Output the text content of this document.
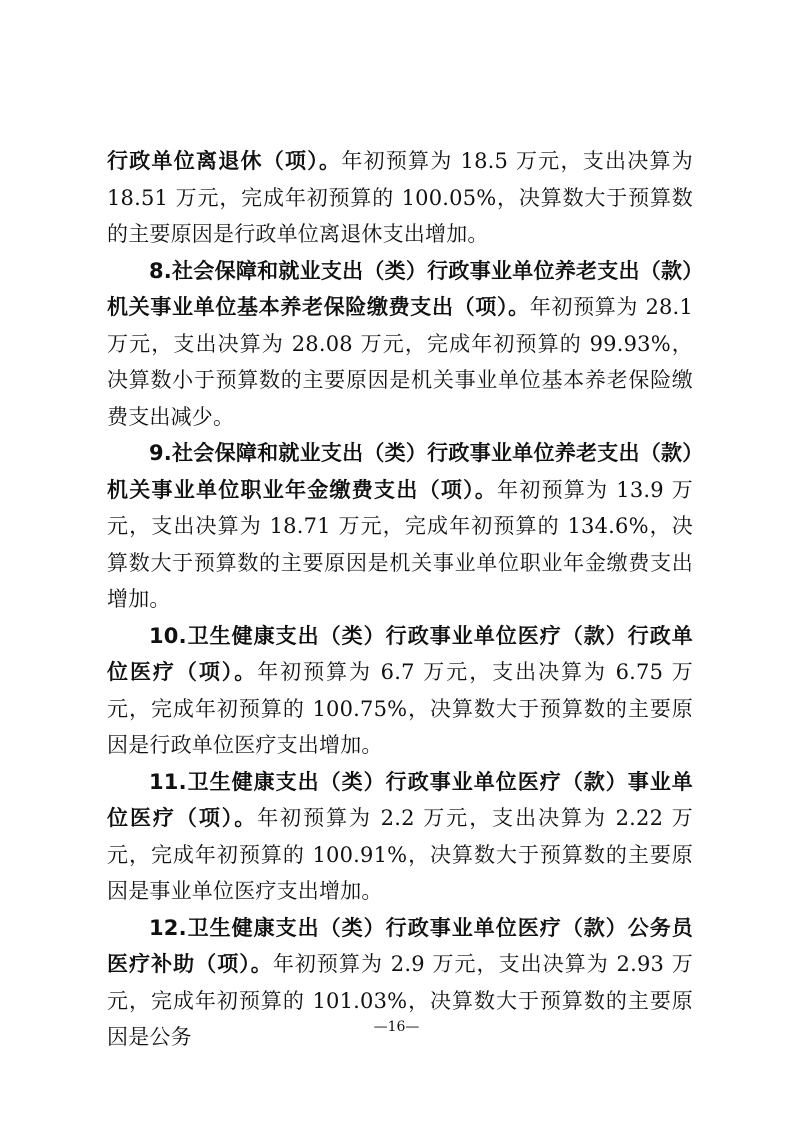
行政单位离退休（项）。年初预算为 18.5 万元，支出决算为 18.51 万元，完成年初预算的 100.05%，决算数大于预算数的主要原因是行政单位离退休支出增加。

8.社会保障和就业支出（类）行政事业单位养老支出（款）机关事业单位基本养老保险缴费支出（项）。年初预算为 28.1 万元，支出决算为 28.08 万元，完成年初预算的 99.93%，决算数小于预算数的主要原因是机关事业单位基本养老保险缴费支出减少。

9.社会保障和就业支出（类）行政事业单位养老支出（款）机关事业单位职业年金缴费支出（项）。年初预算为 13.9 万元，支出决算为 18.71 万元，完成年初预算的 134.6%，决算数大于预算数的主要原因是机关事业单位职业年金缴费支出增加。

10.卫生健康支出（类）行政事业单位医疗（款）行政单位医疗（项）。年初预算为 6.7 万元，支出决算为 6.75 万元，完成年初预算的 100.75%，决算数大于预算数的主要原因是行政单位医疗支出增加。

11.卫生健康支出（类）行政事业单位医疗（款）事业单位医疗（项）。年初预算为 2.2 万元，支出决算为 2.22 万元，完成年初预算的 100.91%，决算数大于预算数的主要原因是事业单位医疗支出增加。

12.卫生健康支出（类）行政事业单位医疗（款）公务员医疗补助（项）。年初预算为 2.9 万元，支出决算为 2.93 万元，完成年初预算的 101.03%，决算数大于预算数的主要原因是公务	—16—
